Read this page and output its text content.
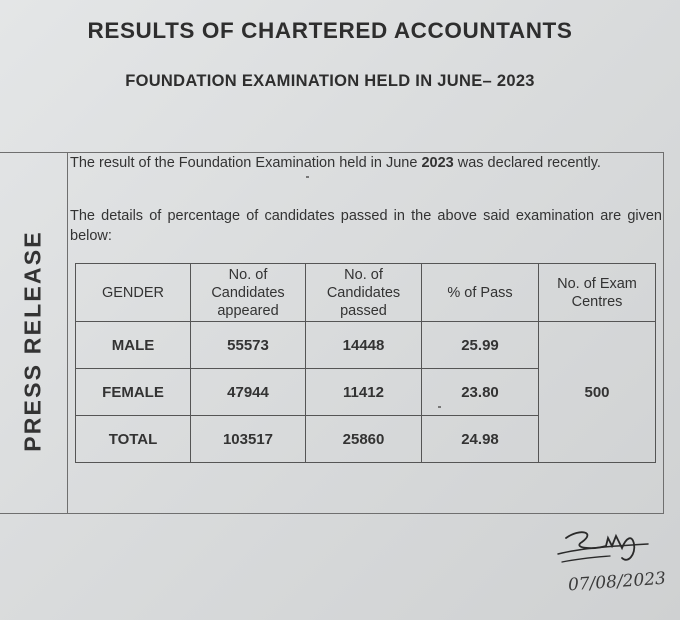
RESULTS OF CHARTERED ACCOUNTANTS
FOUNDATION EXAMINATION HELD IN JUNE– 2023
PRESS RELEASE
The result of the Foundation Examination held in June 2023 was declared recently.
The details of percentage of candidates passed in the above said examination are given below:
GENDER	No. of Candidates appeared	No. of Candidates passed	% of Pass	No. of Exam Centres
MALE	55573	14448	25.99	500
FEMALE	47944	11412	23.80	
TOTAL	103517	25860	24.98	
07/08/2023
